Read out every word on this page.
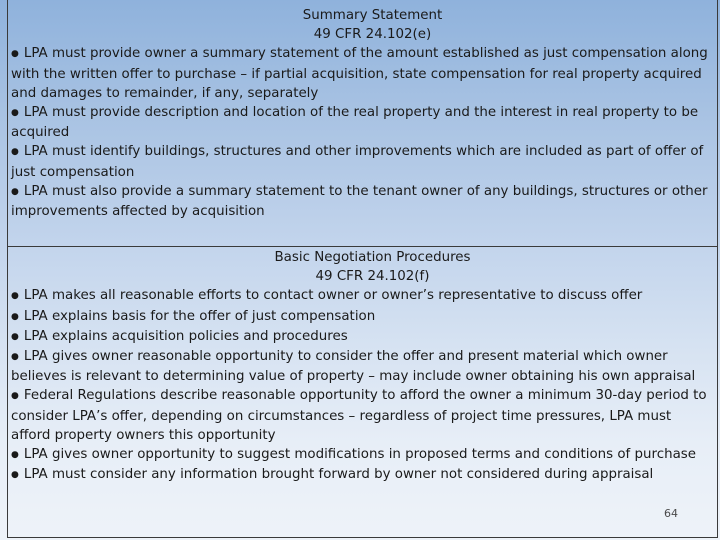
Summary Statement

49 CFR 24.102(e)

● LPA must provide owner a summary statement of the amount established as just compensation along with the written offer to purchase – if partial acquisition, state compensation for real property acquired and damages to remainder, if any, separately
● LPA must provide description and location of the real property and the interest in real property to be acquired
● LPA must identify buildings, structures and other improvements which are included as part of offer of just compensation
● LPA must also provide a summary statement to the tenant owner of any buildings, structures or other improvements affected by acquisition

Basic Negotiation Procedures

49 CFR 24.102(f)

● LPA makes all reasonable efforts to contact owner or owner’s representative to discuss offer
● LPA explains basis for the offer of just compensation
● LPA explains acquisition policies and procedures
● LPA gives owner reasonable opportunity to consider the offer and present material which owner believes is relevant to determining value of property – may include owner obtaining his own appraisal
● Federal Regulations describe reasonable opportunity to afford the owner a minimum 30-day period to consider LPA’s offer, depending on circumstances – regardless of project time pressures, LPA must afford property owners this opportunity
● LPA gives owner opportunity to suggest modifications in proposed terms and conditions of purchase
● LPA must consider any information brought forward by owner not considered during appraisal
64
